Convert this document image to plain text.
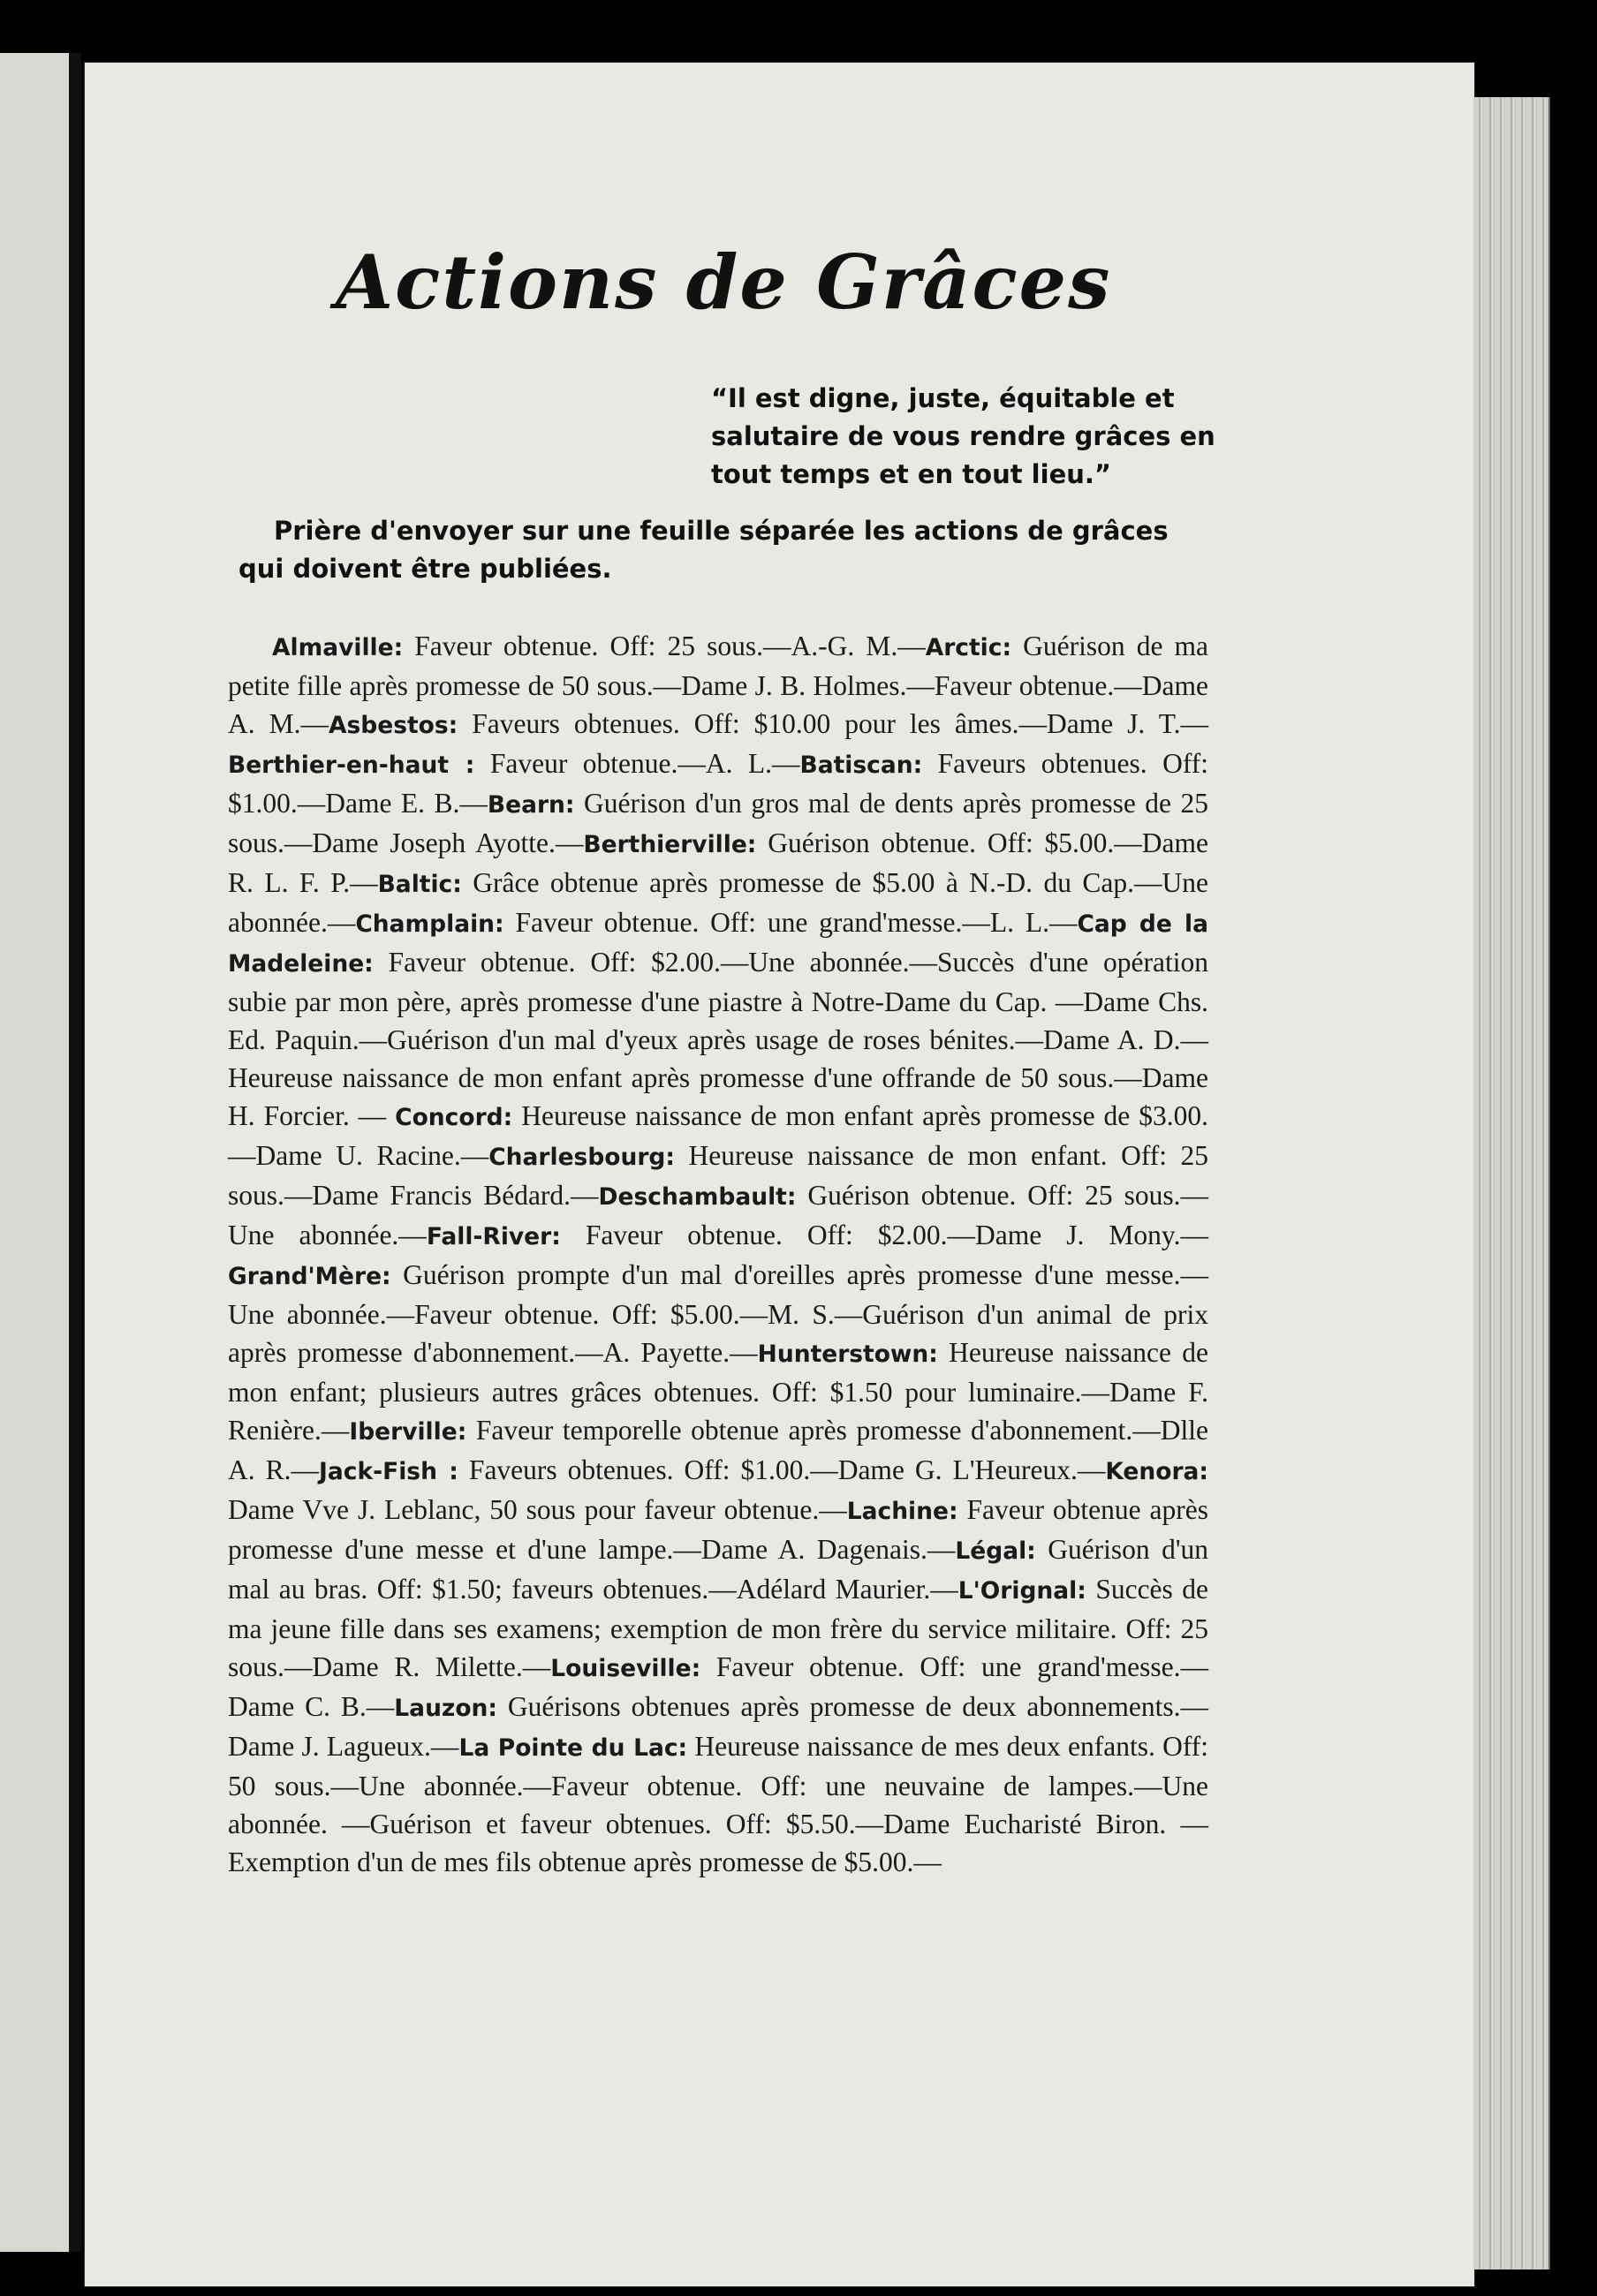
Actions de Grâces
“Il est digne, juste, équitable et salutaire de vous rendre grâces en tout temps et en tout lieu.”
Prière d'envoyer sur une feuille séparée les actions de grâces qui doivent être publiées.
Almaville: Faveur obtenue. Off: 25 sous.—A.-G. M.—Arctic: Guérison de ma petite fille après promesse de 50 sous.—Dame J. B. Holmes.—Faveur obtenue.—Dame A. M.—Asbestos: Faveurs obtenues. Off: $10.00 pour les âmes.—Dame J. T.—Berthier-en-haut : Faveur obtenue.—A. L.—Batiscan: Faveurs obtenues. Off: $1.00.—Dame E. B.—Bearn: Guérison d'un gros mal de dents après promesse de 25 sous.—Dame Joseph Ayotte.—Berthierville: Guérison obtenue. Off: $5.00.—Dame R. L. F. P.—Baltic: Grâce obtenue après promesse de $5.00 à N.-D. du Cap.—Une abonnée.—Champlain: Faveur obtenue. Off: une grand'messe.—L. L.—Cap de la Madeleine: Faveur obtenue. Off: $2.00.—Une abonnée.—Succès d'une opération subie par mon père, après promesse d'une piastre à Notre-Dame du Cap. —Dame Chs. Ed. Paquin.—Guérison d'un mal d'yeux après usage de roses bénites.—Dame A. D.—Heureuse naissance de mon enfant après promesse d'une offrande de 50 sous.—Dame H. Forcier. — Concord: Heureuse naissance de mon enfant après promesse de $3.00. —Dame U. Racine.—Charlesbourg: Heureuse naissance de mon enfant. Off: 25 sous.—Dame Francis Bédard.—Deschambault: Guérison obtenue. Off: 25 sous.—Une abonnée.—Fall-River: Faveur obtenue. Off: $2.00.—Dame J. Mony.—Grand'Mère: Guérison prompte d'un mal d'oreilles après promesse d'une messe.—Une abonnée.—Faveur obtenue. Off: $5.00.—M. S.—Guérison d'un animal de prix après promesse d'abonnement.—A. Payette.—Hunterstown: Heureuse naissance de mon enfant; plusieurs autres grâces obtenues. Off: $1.50 pour luminaire.—Dame F. Renière.—Iberville: Faveur temporelle obtenue après promesse d'abonnement.—Dlle A. R.—Jack-Fish : Faveurs obtenues. Off: $1.00.—Dame G. L'Heureux.—Kenora: Dame Vve J. Leblanc, 50 sous pour faveur obtenue.—Lachine: Faveur obtenue après promesse d'une messe et d'une lampe.—Dame A. Dagenais.—Légal: Guérison d'un mal au bras. Off: $1.50; faveurs obtenues.—Adélard Maurier.—L'Orignal: Succès de ma jeune fille dans ses examens; exemption de mon frère du service militaire. Off: 25 sous.—Dame R. Milette.—Louiseville: Faveur obtenue. Off: une grand'messe.—Dame C. B.—Lauzon: Guérisons obtenues après promesse de deux abonnements.—Dame J. Lagueux.—La Pointe du Lac: Heureuse naissance de mes deux enfants. Off: 50 sous.—Une abonnée.—Faveur obtenue. Off: une neuvaine de lampes.—Une abonnée. —Guérison et faveur obtenues. Off: $5.50.—Dame Eucharisté Biron. —Exemption d'un de mes fils obtenue après promesse de $5.00.—
